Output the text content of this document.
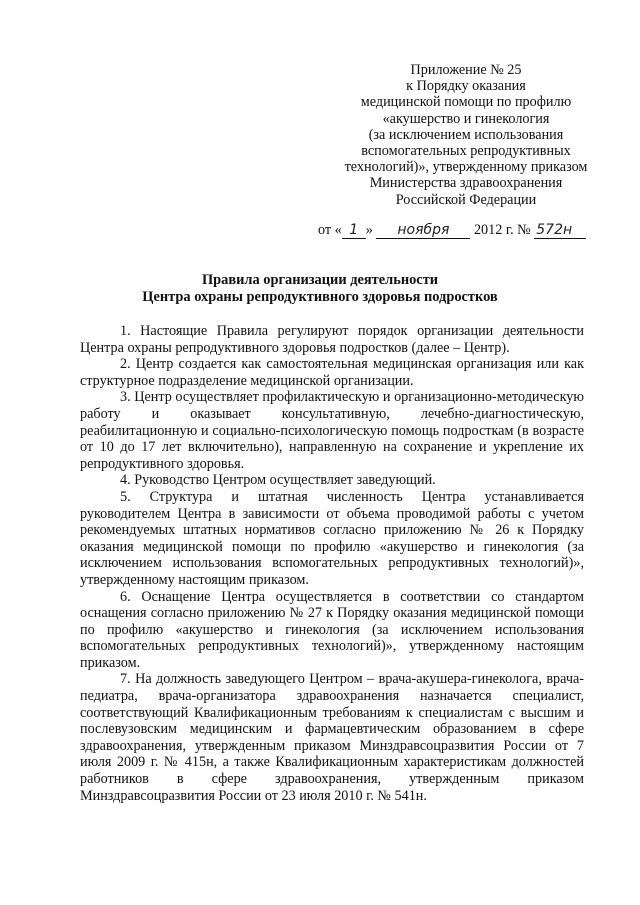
Приложение № 25
к Порядку оказания
медицинской помощи по профилю
«акушерство и гинекология
(за исключением использования
вспомогательных репродуктивных
технологий)», утвержденному приказом
Министерства здравоохранения
Российской Федерации
от « 1 » ноября 2012 г. № 572н
Правила организации деятельности
Центра охраны репродуктивного здоровья подростков

1. Настоящие Правила регулируют порядок организации деятельности Центра охраны репродуктивного здоровья подростков (далее – Центр).

2. Центр создается как самостоятельная медицинская организация или как структурное подразделение медицинской организации.

3. Центр осуществляет профилактическую и организационно-методическую работу и оказывает консультативную, лечебно-диагностическую, реабилитационную и социально-психологическую помощь подросткам (в возрасте от 10 до 17 лет включительно), направленную на сохранение и укрепление их репродуктивного здоровья.

4. Руководство Центром осуществляет заведующий.

5. Структура и штатная численность Центра устанавливается руководителем Центра в зависимости от объема проводимой работы с учетом рекомендуемых штатных нормативов согласно приложению № 26 к Порядку оказания медицинской помощи по профилю «акушерство и гинекология (за исключением использования вспомогательных репродуктивных технологий)», утвержденному настоящим приказом.

6. Оснащение Центра осуществляется в соответствии со стандартом оснащения согласно приложению № 27 к Порядку оказания медицинской помощи по профилю «акушерство и гинекология (за исключением использования вспомогательных репродуктивных технологий)», утвержденному настоящим приказом.

7. На должность заведующего Центром – врача-акушера-гинеколога, врача-педиатра, врача-организатора здравоохранения назначается специалист, соответствующий Квалификационным требованиям к специалистам с высшим и послевузовским медицинским и фармацевтическим образованием в сфере здравоохранения, утвержденным приказом Минздравсоцразвития России от 7 июля 2009 г. № 415н, а также Квалификационным характеристикам должностей работников в сфере здравоохранения, утвержденным приказом Минздравсоцразвития России от 23 июля 2010 г. № 541н.
